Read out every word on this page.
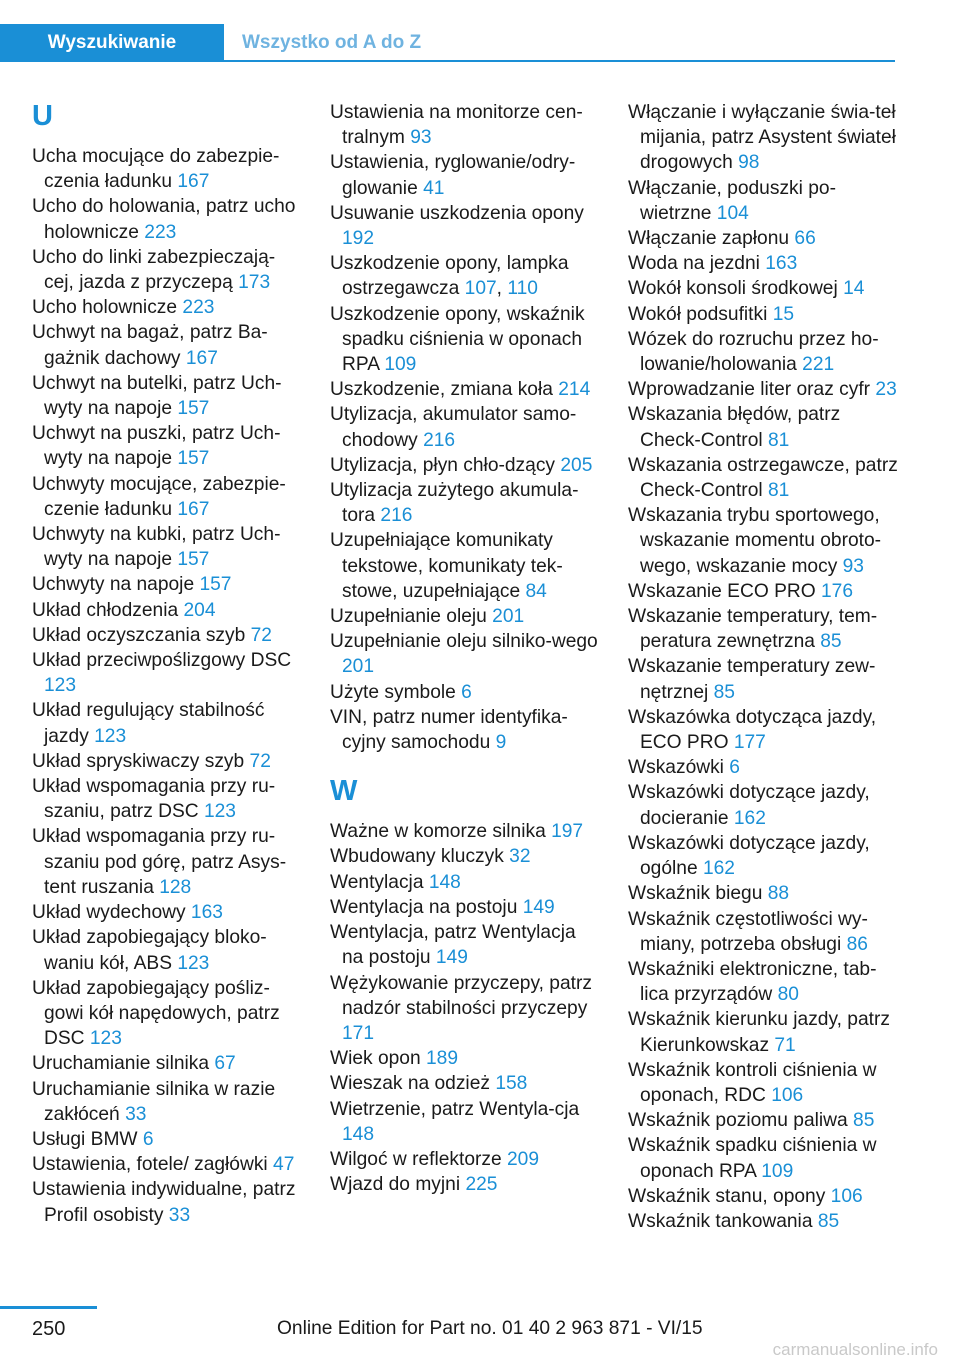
Wyszukiwanie	Wszystko od A do Z
U
Ucha mocujące do zabezpie-czenia ładunku 167
Ucho do holowania, patrz ucho holownicze 223
Ucho do linki zabezpieczają-cej, jazda z przyczepą 173
Ucho holownicze 223
Uchwyt na bagaż, patrz Ba-gażnik dachowy 167
Uchwyt na butelki, patrz Uch-wyty na napoje 157
Uchwyt na puszki, patrz Uch-wyty na napoje 157
Uchwyty mocujące, zabezpie-czenie ładunku 167
Uchwyty na kubki, patrz Uch-wyty na napoje 157
Uchwyty na napoje 157
Układ chłodzenia 204
Układ oczyszczania szyb 72
Układ przeciwpoślizgowy DSC 123
Układ regulujący stabilność jazdy 123
Układ spryskiwaczy szyb 72
Układ wspomagania przy ru-szaniu, patrz DSC 123
Układ wspomagania przy ru-szaniu pod górę, patrz Asys-tent ruszania 128
Układ wydechowy 163
Układ zapobiegający bloko-waniu kół, ABS 123
Układ zapobiegający pośliz-gowi kół napędowych, patrz DSC 123
Uruchamianie silnika 67
Uruchamianie silnika w razie zakłóceń 33
Usługi BMW 6
Ustawienia, fotele/ zagłówki 47
Ustawienia indywidualne, patrz Profil osobisty 33
Ustawienia na monitorze cen-tralnym 93
Ustawienia, ryglowanie/odry-glowanie 41
Usuwanie uszkodzenia opony 192
Uszkodzenie opony, lampka ostrzegawcza 107, 110
Uszkodzenie opony, wskaźnik spadku ciśnienia w oponach RPA 109
Uszkodzenie, zmiana koła 214
Utylizacja, akumulator samo-chodowy 216
Utylizacja, płyn chło-dzący 205
Utylizacja zużytego akumula-tora 216
Uzupełniające komunikaty tekstowe, komunikaty tek-stowe, uzupełniające 84
Uzupełnianie oleju 201
Uzupełnianie oleju silniko-wego 201
Użyte symbole 6
VIN, patrz numer identyfika-cyjny samochodu 9
W
Ważne w komorze silnika 197
Wbudowany kluczyk 32
Wentylacja 148
Wentylacja na postoju 149
Wentylacja, patrz Wentylacja na postoju 149
Wężykowanie przyczepy, patrz nadzór stabilności przyczepy 171
Wiek opon 189
Wieszak na odzież 158
Wietrzenie, patrz Wentyla-cja 148
Wilgoć w reflektorze 209
Wjazd do myjni 225
Włączanie i wyłączanie świa-teł mijania, patrz Asystent świateł drogowych 98
Włączanie, poduszki po-wietrzne 104
Włączanie zapłonu 66
Woda na jezdni 163
Wokół konsoli środkowej 14
Wokół podsufitki 15
Wózek do rozruchu przez ho-lowanie/holowania 221
Wprowadzanie liter oraz cyfr 23
Wskazania błędów, patrz Check-Control 81
Wskazania ostrzegawcze, patrz Check-Control 81
Wskazania trybu sportowego, wskazanie momentu obroto-wego, wskazanie mocy 93
Wskazanie ECO PRO 176
Wskazanie temperatury, tem-peratura zewnętrzna 85
Wskazanie temperatury zew-nętrznej 85
Wskazówka dotycząca jazdy, ECO PRO 177
Wskazówki 6
Wskazówki dotyczące jazdy, docieranie 162
Wskazówki dotyczące jazdy, ogólne 162
Wskaźnik biegu 88
Wskaźnik częstotliwości wy-miany, potrzeba obsługi 86
Wskaźniki elektroniczne, tab-lica przyrządów 80
Wskaźnik kierunku jazdy, patrz Kierunkowskaz 71
Wskaźnik kontroli ciśnienia w oponach, RDC 106
Wskaźnik poziomu paliwa 85
Wskaźnik spadku ciśnienia w oponach RPA 109
Wskaźnik stanu, opony 106
Wskaźnik tankowania 85
250	Online Edition for Part no. 01 40 2 963 871 - VI/15
carmanualsonline.info
